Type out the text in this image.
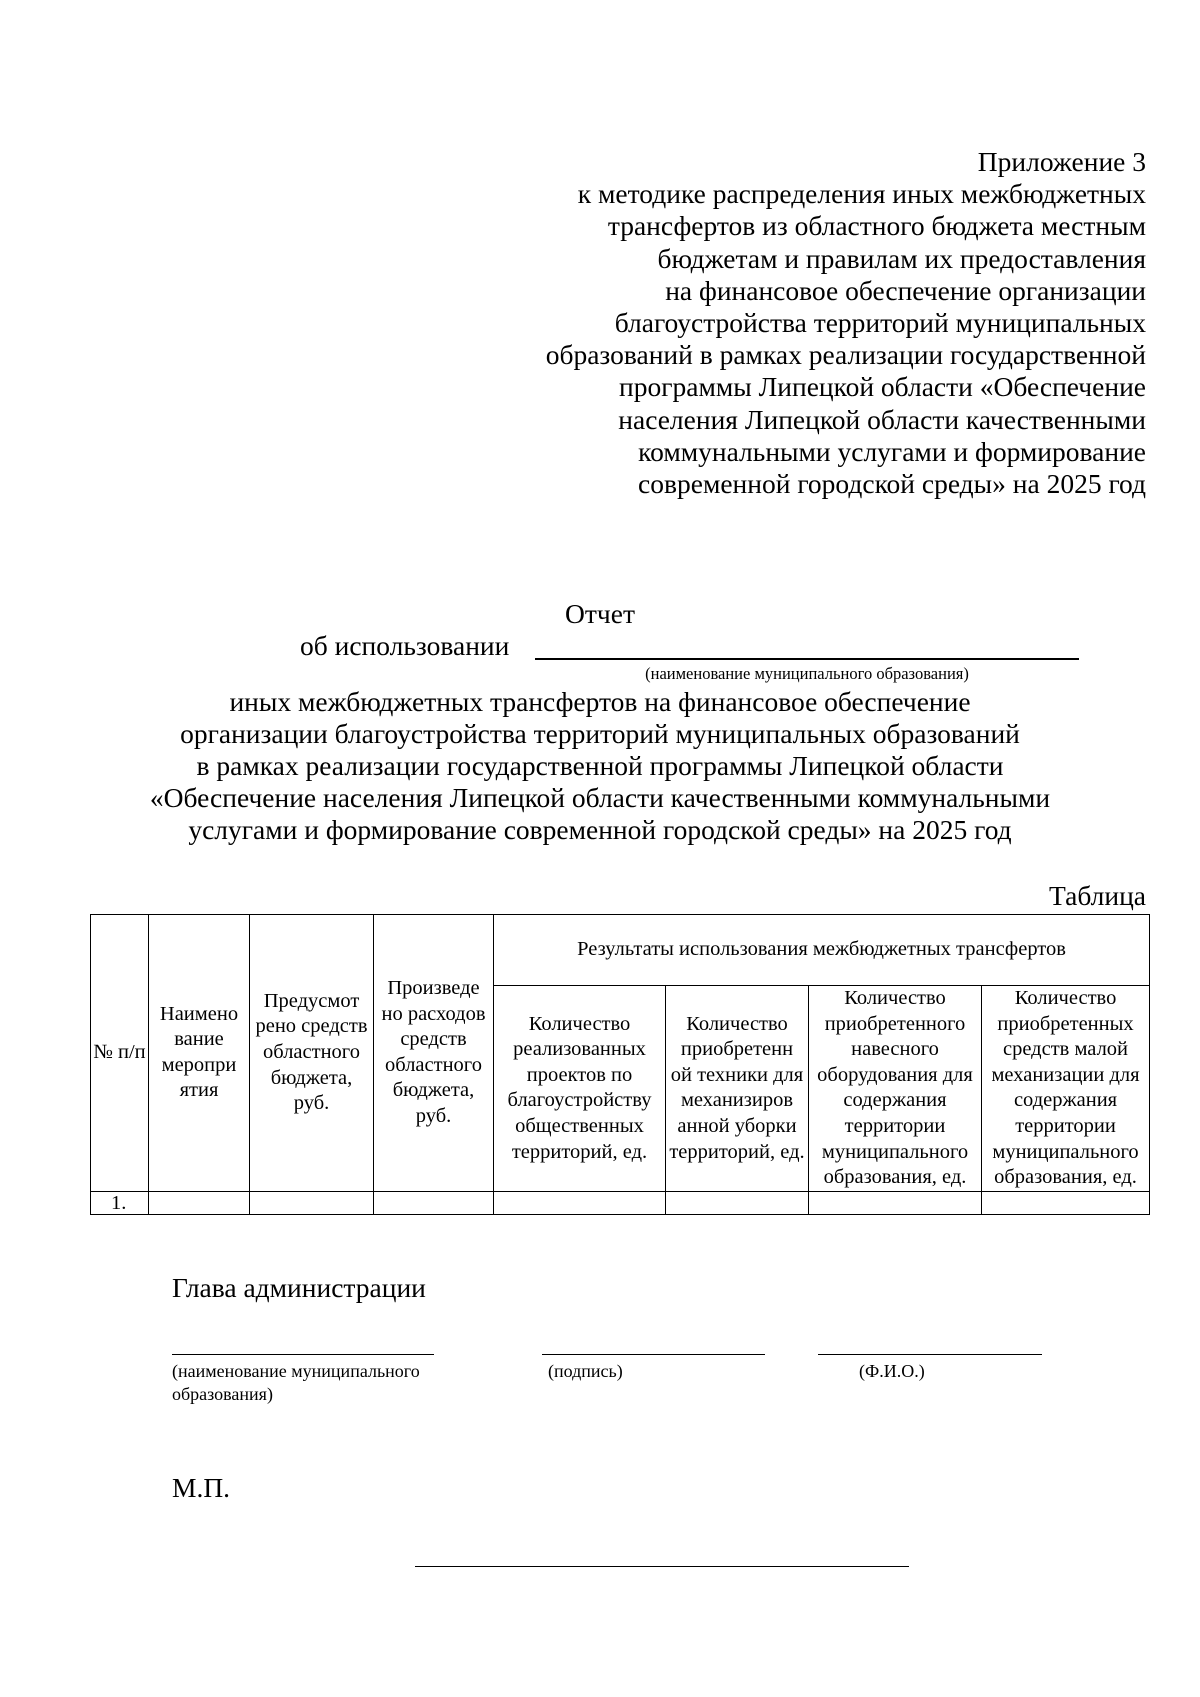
Приложение 3
к методике распределения иных межбюджетных
трансфертов из областного бюджета местным
бюджетам и правилам их предоставления
на финансовое обеспечение организации
благоустройства территорий муниципальных
образований в рамках реализации государственной
программы Липецкой области «Обеспечение
населения Липецкой области качественными
коммунальными услугами и формирование
современной городской среды» на 2025 год
Отчет
об использовании
(наименование муниципального образования)
иных межбюджетных трансфертов на финансовое обеспечение
организации благоустройства территорий муниципальных образований
в рамках реализации государственной программы Липецкой области
«Обеспечение населения Липецкой области качественными коммунальными
услугами и формирование современной городской среды» на 2025 год
Таблица
№ п/п	Наимено вание меропри ятия	Предусмот рено средств областного бюджета, руб.	Произведе но расходов средств областного бюджета, руб.	Результаты использования межбюджетных трансфертов			
				Количество реализованных проектов по благоустройству общественных территорий, ед.	Количество приобретенн ой техники для механизиров анной уборки территорий, ед.	Количество приобретенного навесного оборудования для содержания территории муниципального образования, ед.	Количество приобретенных средств малой механизации для содержания территории муниципального образования, ед.
1.							
Глава администрации
(наименование муниципального образования)
(подпись)	(Ф.И.О.)
М.П.
